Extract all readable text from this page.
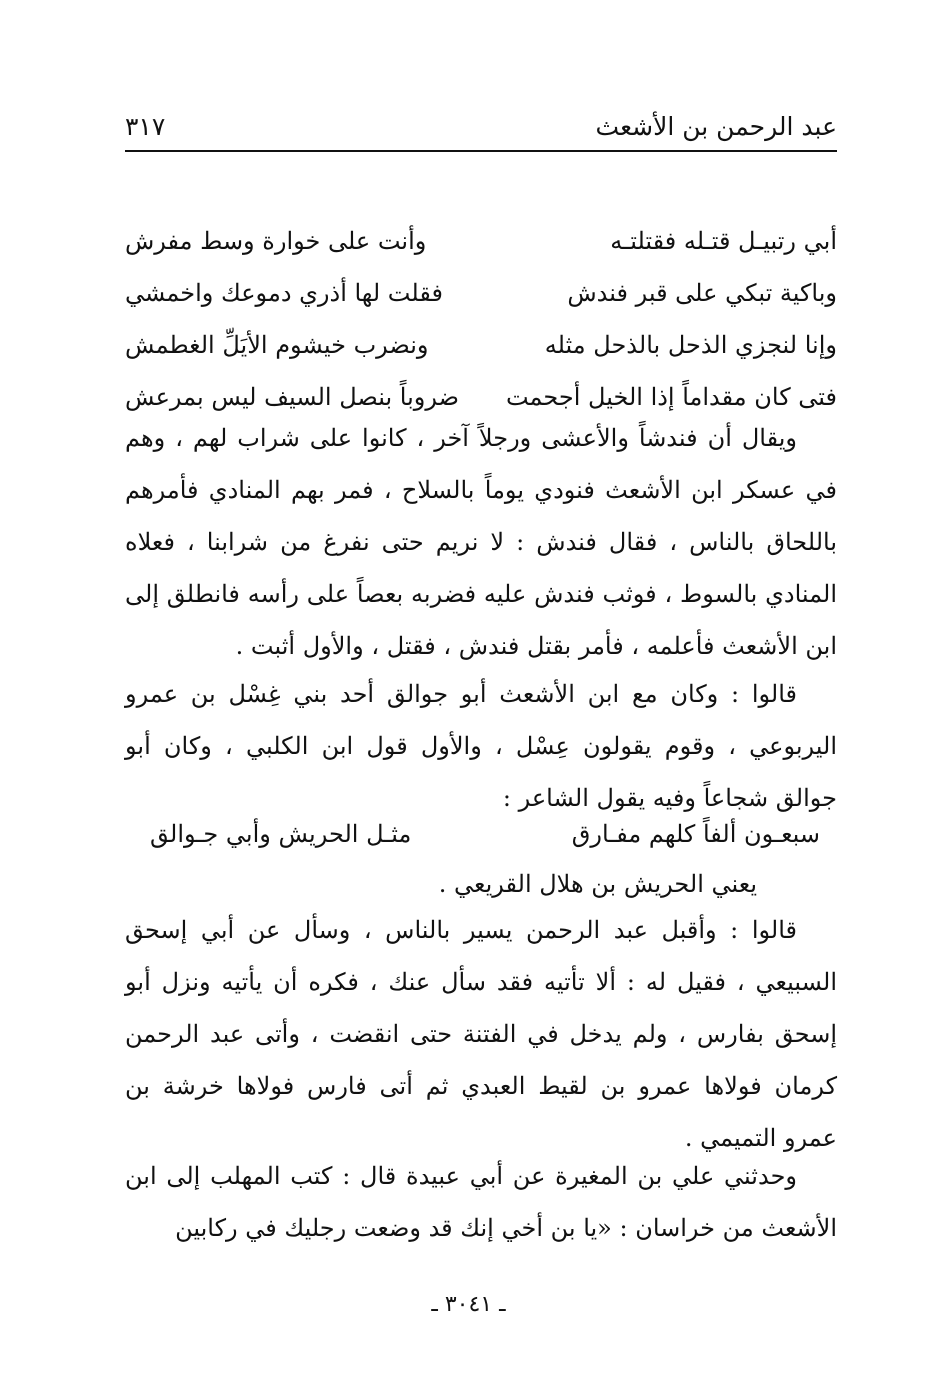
عبد الرحمن بن الأشعث
٣١٧
أبي رتبيـل قتـله فقتلتـه
وأنت على خوارة وسط مفرش
وباكية تبكي على قبر فندش
فقلت لها أذري دموعك واخمشي
وإنا لنجزي الذحل بالذحل مثله
ونضرب خيشوم الأيَلِّ الغطمش
فتى كان مقداماً إذا الخيل أجحمت
ضروباً بنصل السيف ليس بمرعش

ويقال أن فندشاً والأعشى ورجلاً آخر ، كانوا على شراب لهم ، وهم في عسكر ابن الأشعث فنودي يوماً بالسلاح ، فمر بهم المنادي فأمرهم باللحاق بالناس ، فقال فندش : لا نريم حتى نفرغ من شرابنا ، فعلاه المنادي بالسوط ، فوثب فندش عليه فضربه بعصاً على رأسه فانطلق إلى ابن الأشعث فأعلمه ، فأمر بقتل فندش ، فقتل ، والأول أثبت .

قالوا : وكان مع ابن الأشعث أبو جوالق أحد بني غِسْل بن عمرو اليربوعي ، وقوم يقولون عِسْل ، والأول قول ابن الكلبي ، وكان أبو جوالق شجاعاً وفيه يقول الشاعر :

سبعـون ألفاً كلهم مفـارق
مثـل الحريش وأبي جـوالق
يعني الحريش بن هلال القريعي .

قالوا : وأقبل عبد الرحمن يسير بالناس ، وسأل عن أبي إسحق السبيعي ، فقيل له : ألا تأتيه فقد سأل عنك ، فكره أن يأتيه ونزل أبو إسحق بفارس ، ولم يدخل في الفتنة حتى انقضت ، وأتى عبد الرحمن كرمان فولاها عمرو بن لقيط العبدي ثم أتى فارس فولاها خرشة بن عمرو التميمي .

وحدثني علي بن المغيرة عن أبي عبيدة قال : كتب المهلب إلى ابن الأشعث من خراسان : «يا بن أخي إنك قد وضعت رجليك في ركابين

ـ ٣٠٤١ ـ
